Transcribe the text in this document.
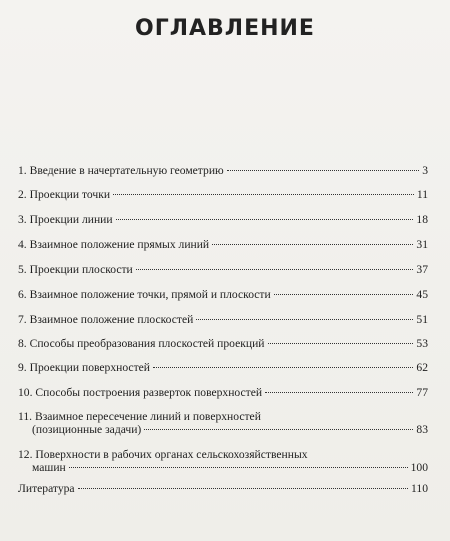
ОГЛАВЛЕНИЕ
1. Введение в начертательную геометрию	3
2. Проекции точки	11
3. Проекции линии	18
4. Взаимное положение прямых линий	31
5. Проекции плоскости	37
6. Взаимное положение точки, прямой и плоскости	45
7. Взаимное положение плоскостей	51
8. Способы преобразования плоскостей проекций	53
9. Проекции поверхностей	62
10. Способы построения разверток поверхностей	77
11. Взаимное пересечение линий и поверхностей
(позиционные задачи)	83
12. Поверхности в рабочих органах сельскохозяйственных
машин	100
Литература	110
